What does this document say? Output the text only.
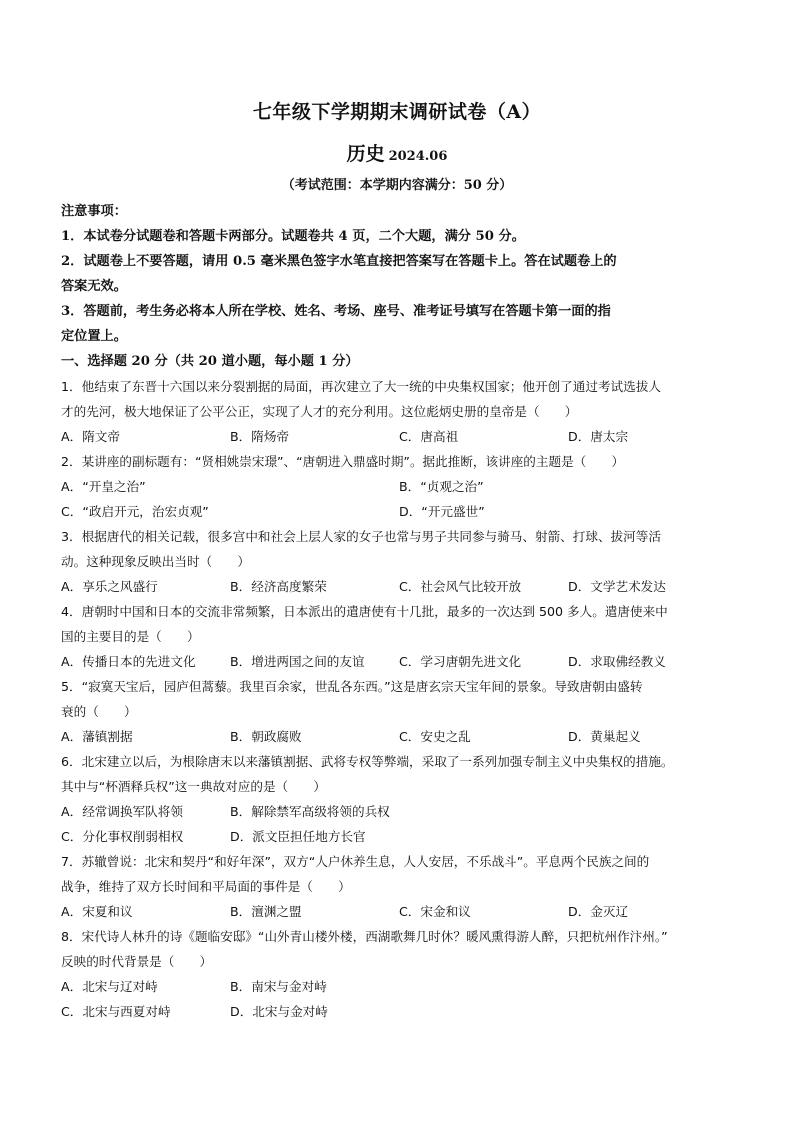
七年级下学期期末调研试卷（A）
历史 2024.06
（考试范围：本学期内容满分：50 分）
注意事项：
1．本试卷分试题卷和答题卡两部分。试题卷共 4 页，二个大题，满分 50 分。
2．试题卷上不要答题，请用 0.5 毫米黑色签字水笔直接把答案写在答题卡上。答在试题卷上的
答案无效。
3．答题前，考生务必将本人所在学校、姓名、考场、座号、准考证号填写在答题卡第一面的指
定位置上。
一、选择题 20 分（共 20 道小题，每小题 1 分）
1．他结束了东晋十六国以来分裂割据的局面，再次建立了大一统的中央集权国家；他开创了通过考试选拔人
才的先河，极大地保证了公平公正，实现了人才的充分利用。这位彪炳史册的皇帝是（　　）
A．隋文帝	B．隋炀帝	C．唐高祖	D．唐太宗
2．某讲座的副标题有：“贤相姚崇宋璟”、“唐朝进入鼎盛时期”。据此推断，该讲座的主题是（　　）
A．“开皇之治”	B．“贞观之治”
C．“政启开元，治宏贞观”	D．“开元盛世”
3．根据唐代的相关记载，很多宫中和社会上层人家的女子也常与男子共同参与骑马、射箭、打球、拔河等活
动。这种现象反映出当时（　　）
A．享乐之风盛行	B．经济高度繁荣	C．社会风气比较开放	D．文学艺术发达
4．唐朝时中国和日本的交流非常频繁，日本派出的遣唐使有十几批，最多的一次达到 500 多人。遣唐使来中
国的主要目的是（　　）
A．传播日本的先进文化	B．增进两国之间的友谊	C．学习唐朝先进文化	D．求取佛经教义
5．“寂寞天宝后，园庐但蒿藜。我里百余家，世乱各东西。”这是唐玄宗天宝年间的景象。导致唐朝由盛转
衰的（　　）
A．藩镇割据	B．朝政腐败	C．安史之乱	D．黄巢起义
6．北宋建立以后，为根除唐末以来藩镇割据、武将专权等弊端，采取了一系列加强专制主义中央集权的措施。
其中与“杯酒释兵权”这一典故对应的是（　　）
A．经常调换军队将领	B．解除禁军高级将领的兵权
C．分化事权削弱相权	D．派文臣担任地方长官
7．苏辙曾说：北宋和契丹“和好年深”，双方“人户休养生息，人人安居，不乐战斗”。平息两个民族之间的
战争，维持了双方长时间和平局面的事件是（　　）
A．宋夏和议	B．澶渊之盟	C．宋金和议	D．金灭辽
8．宋代诗人林升的诗《题临安邸》“山外青山楼外楼，西湖歌舞几时休？暖风熏得游人醉，只把杭州作汴州。”
反映的时代背景是（　　）
A．北宋与辽对峙	B．南宋与金对峙
C．北宋与西夏对峙	D．北宋与金对峙
